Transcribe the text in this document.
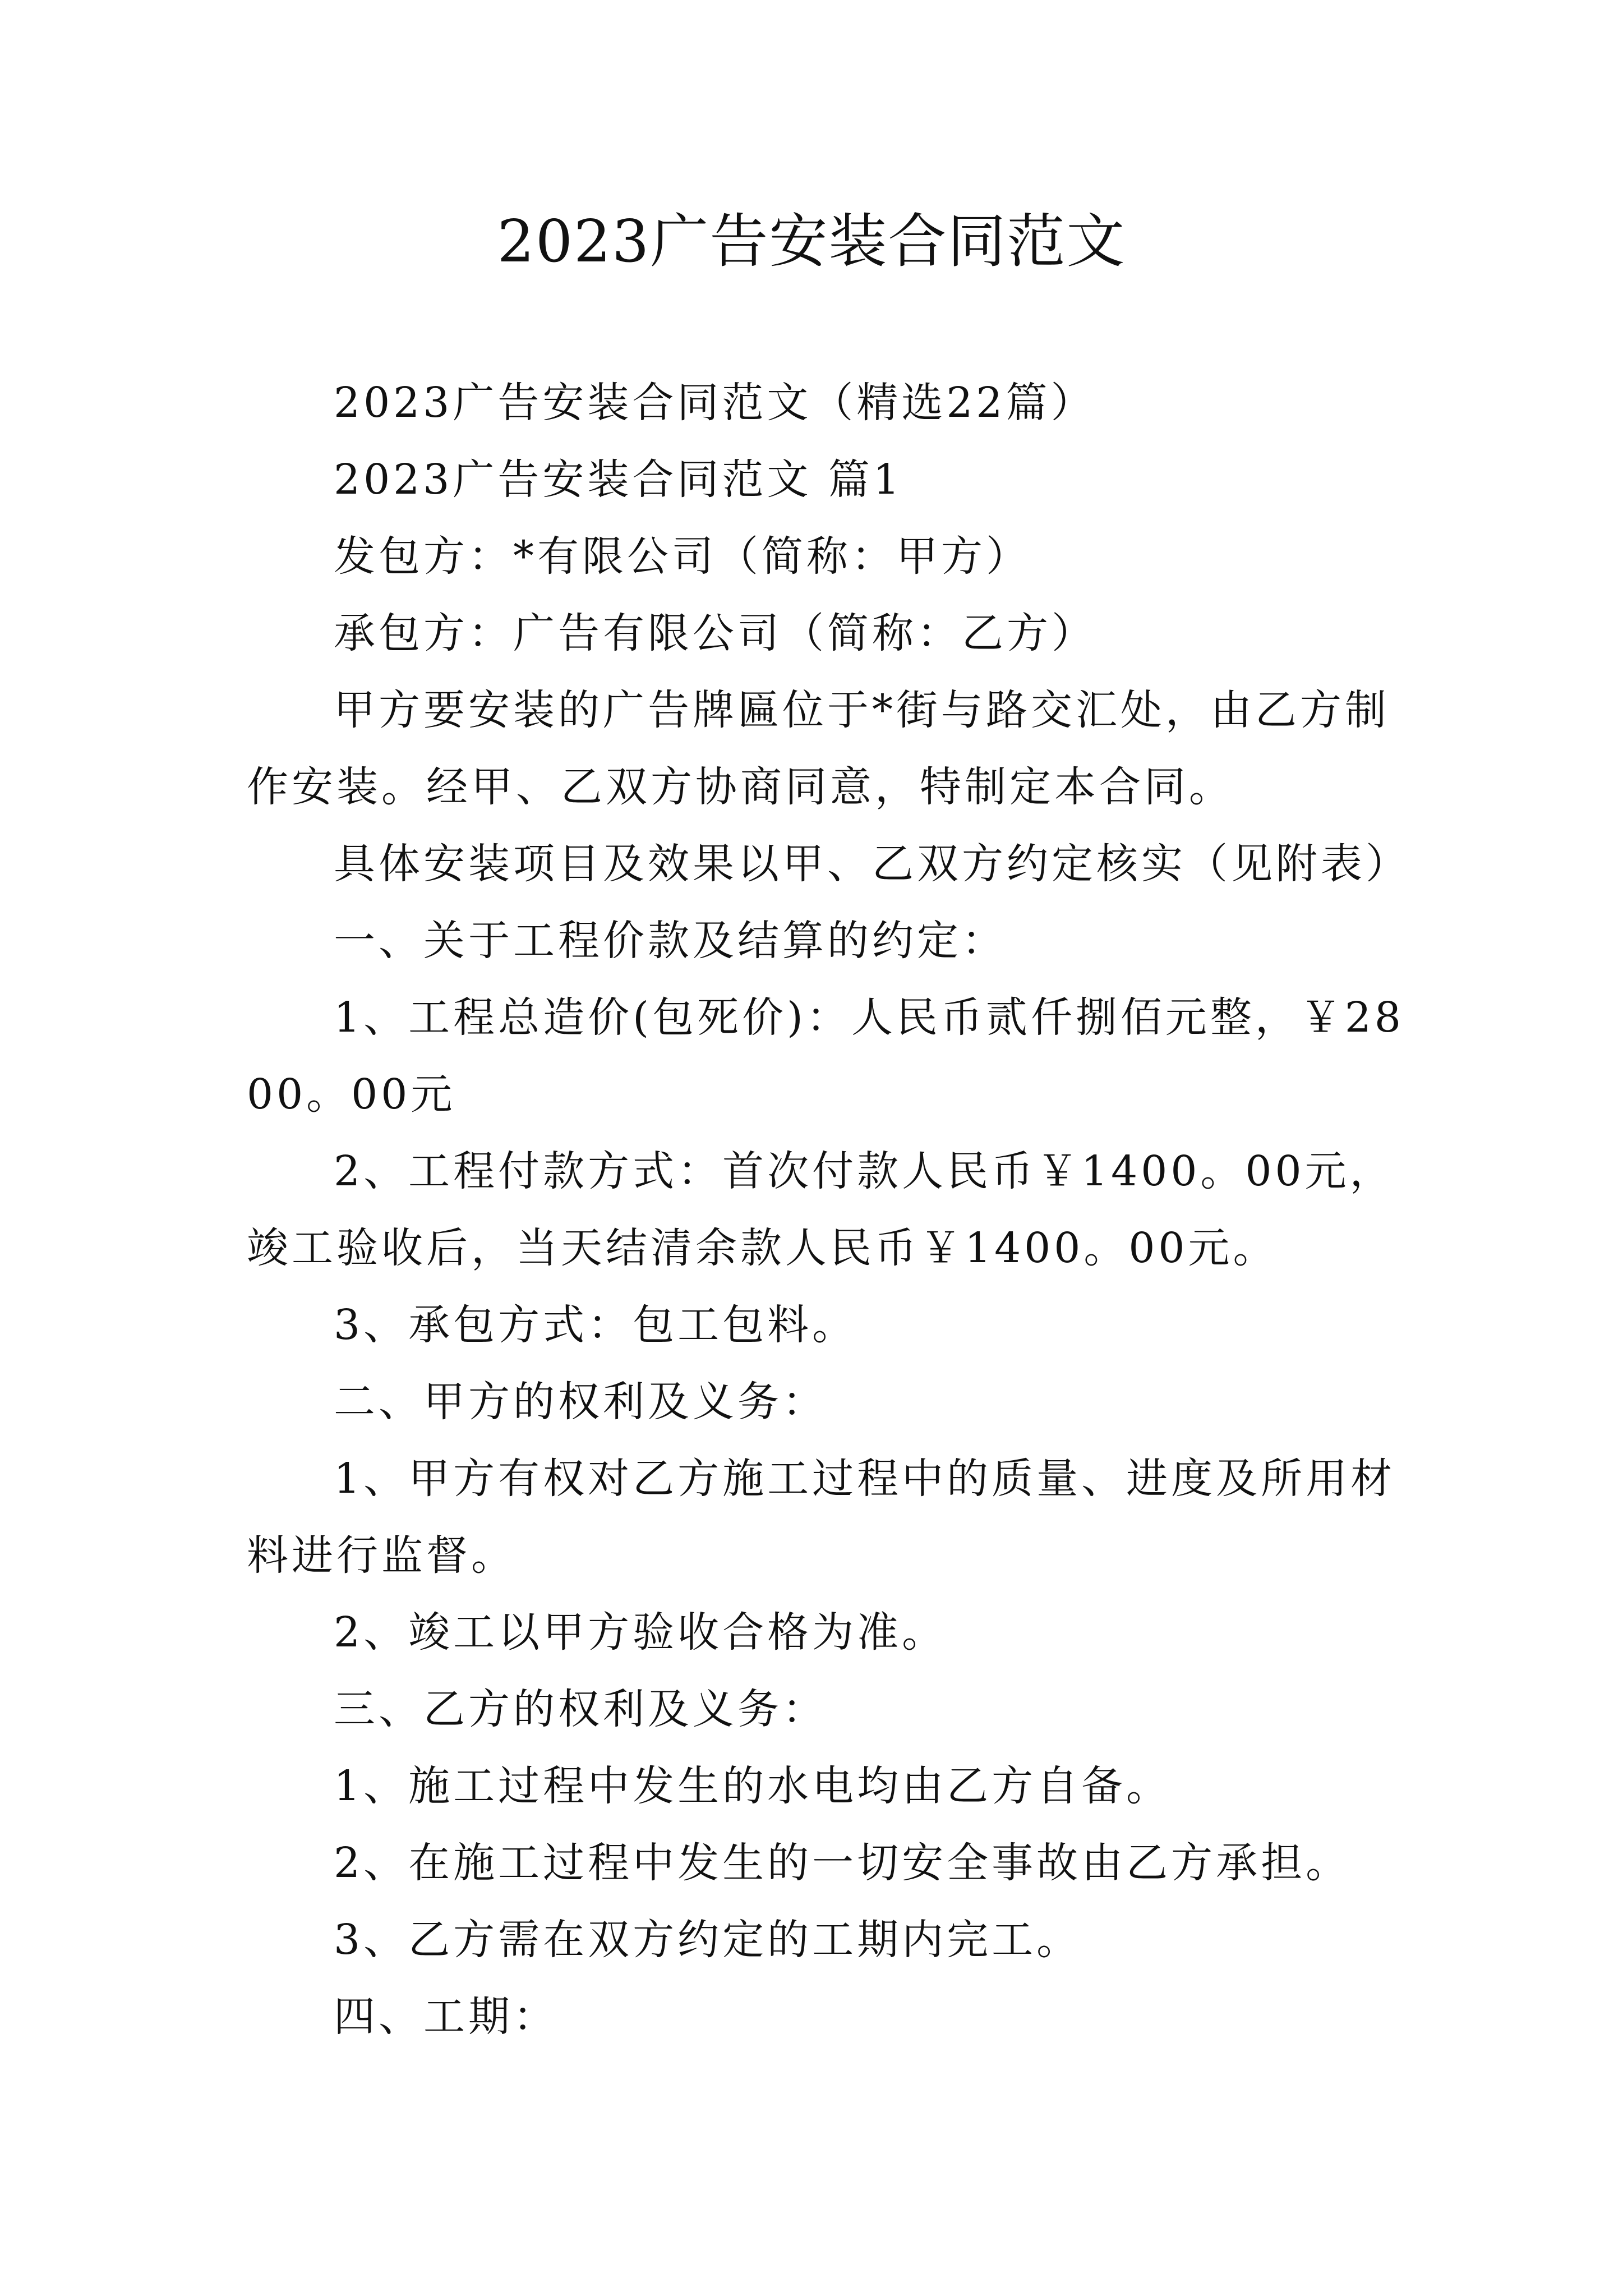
2023广告安装合同范文

2023广告安装合同范文（精选22篇）

2023广告安装合同范文 篇1

发包方：*有限公司（简称：甲方）

承包方：广告有限公司（简称：乙方）

甲方要安装的广告牌匾位于*街与路交汇处，由乙方制作安装。经甲、乙双方协商同意，特制定本合同。

具体安装项目及效果以甲、乙双方约定核实（见附表）

一、关于工程价款及结算的约定：

1、工程总造价(包死价)：人民币贰仟捌佰元整，￥2800。00元

2、工程付款方式：首次付款人民币￥1400。00元，竣工验收后，当天结清余款人民币￥1400。00元。

3、承包方式：包工包料。

二、甲方的权利及义务：

1、甲方有权对乙方施工过程中的质量、进度及所用材料进行监督。

2、竣工以甲方验收合格为准。

三、乙方的权利及义务：

1、施工过程中发生的水电均由乙方自备。

2、在施工过程中发生的一切安全事故由乙方承担。

3、乙方需在双方约定的工期内完工。

四、工期：
